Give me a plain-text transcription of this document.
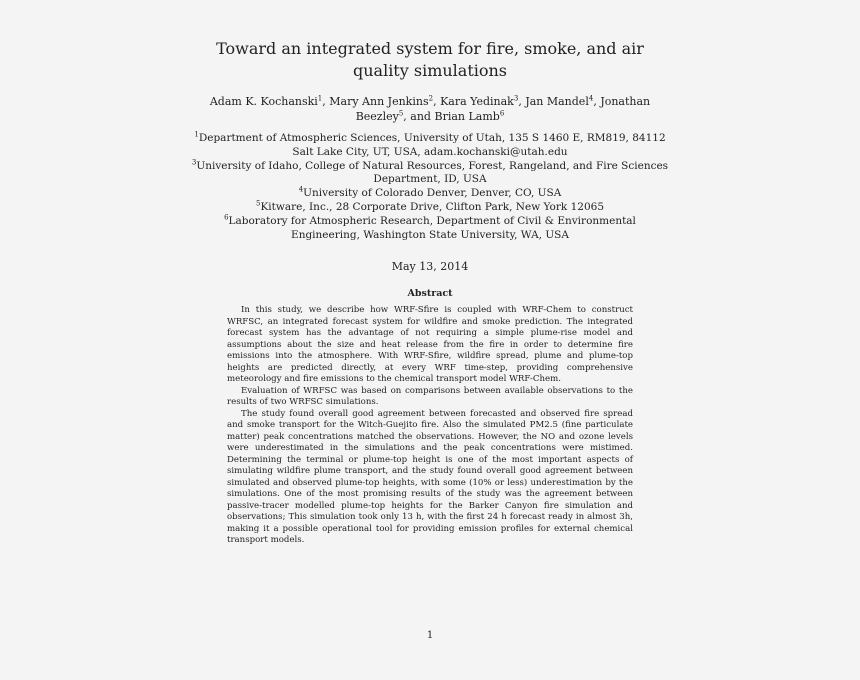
Toward an integrated system for fire, smoke, and air quality simulations
Adam K. Kochanski$^1$, Mary Ann Jenkins$^2$, Kara Yedinak$^3$, Jan Mandel$^4$, Jonathan Beezley$^5$, and Brian Lamb$^6$
$^1$Department of Atmospheric Sciences, University of Utah, 135 S 1460 E, RM819, 84112 Salt Lake City, UT, USA, adam.kochanski@utah.edu
$^3$University of Idaho, College of Natural Resources, Forest, Rangeland, and Fire Sciences Department, ID, USA
$^4$University of Colorado Denver, Denver, CO, USA
$^5$Kitware, Inc., 28 Corporate Drive, Clifton Park, New York 12065
$^6$Laboratory for Atmospheric Research, Department of Civil & Environmental Engineering, Washington State University, WA, USA
May 13, 2014
Abstract

In this study, we describe how WRF-Sfire is coupled with WRF-Chem to construct WRFSC, an integrated forecast system for wildfire and smoke prediction. The integrated forecast system has the advantage of not requiring a simple plume-rise model and assumptions about the size and heat release from the fire in order to determine fire emissions into the atmosphere. With WRF-Sfire, wildfire spread, plume and plume-top heights are predicted directly, at every WRF time-step, providing comprehensive meteorology and fire emissions to the chemical transport model WRF-Chem.

Evaluation of WRFSC was based on comparisons between available observations to the results of two WRFSC simulations.

The study found overall good agreement between forecasted and observed fire spread and smoke transport for the Witch-Guejito fire. Also the simulated PM2.5 (fine particulate matter) peak concentrations matched the observations. However, the NO and ozone levels were underestimated in the simulations and the peak concentrations were mistimed. Determining the terminal or plume-top height is one of the most important aspects of simulating wildfire plume transport, and the study found overall good agreement between simulated and observed plume-top heights, with some (10% or less) underestimation by the simulations. One of the most promising results of the study was the agreement between passive-tracer modelled plume-top heights for the Barker Canyon fire simulation and observations; This simulation took only 13 h, with the first 24 h forecast ready in almost 3h, making it a possible operational tool for providing emission profiles for external chemical transport models.

1
